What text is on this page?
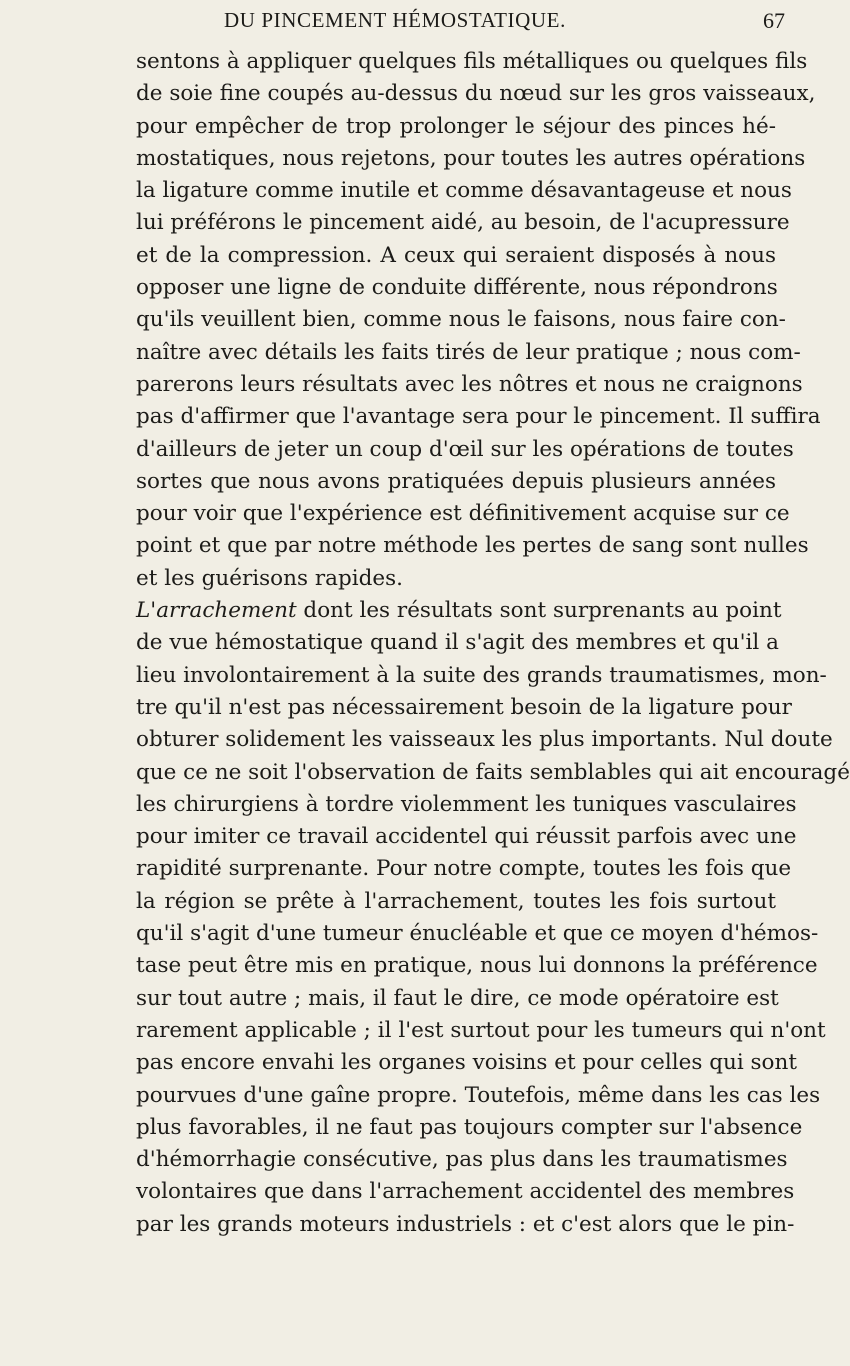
DU PINCEMENT HÉMOSTATIQUE.	67
sentons à appliquer quelques fils métalliques ou quelques fils
de soie fine coupés au-dessus du nœud sur les gros vaisseaux,
pour empêcher de trop prolonger le séjour des pinces hé-
mostatiques, nous rejetons, pour toutes les autres opérations
la ligature comme inutile et comme désavantageuse et nous
lui préférons le pincement aidé, au besoin, de l'acupressure
et de la compression. A ceux qui seraient disposés à nous
opposer une ligne de conduite différente, nous répondrons
qu'ils veuillent bien, comme nous le faisons, nous faire con-
naître avec détails les faits tirés de leur pratique ; nous com-
parerons leurs résultats avec les nôtres et nous ne craignons
pas d'affirmer que l'avantage sera pour le pincement. Il suffira
d'ailleurs de jeter un coup d'œil sur les opérations de toutes
sortes que nous avons pratiquées depuis plusieurs années
pour voir que l'expérience est définitivement acquise sur ce
point et que par notre méthode les pertes de sang sont nulles
et les guérisons rapides.
L'arrachement dont les résultats sont surprenants au point
de vue hémostatique quand il s'agit des membres et qu'il a
lieu involontairement à la suite des grands traumatismes, mon-
tre qu'il n'est pas nécessairement besoin de la ligature pour
obturer solidement les vaisseaux les plus importants. Nul doute
que ce ne soit l'observation de faits semblables qui ait encouragé
les chirurgiens à tordre violemment les tuniques vasculaires
pour imiter ce travail accidentel qui réussit parfois avec une
rapidité surprenante. Pour notre compte, toutes les fois que
la région se prête à l'arrachement, toutes les fois surtout
qu'il s'agit d'une tumeur énucléable et que ce moyen d'hémos-
tase peut être mis en pratique, nous lui donnons la préférence
sur tout autre ; mais, il faut le dire, ce mode opératoire est
rarement applicable ; il l'est surtout pour les tumeurs qui n'ont
pas encore envahi les organes voisins et pour celles qui sont
pourvues d'une gaîne propre. Toutefois, même dans les cas les
plus favorables, il ne faut pas toujours compter sur l'absence
d'hémorrhagie consécutive, pas plus dans les traumatismes
volontaires que dans l'arrachement accidentel des membres
par les grands moteurs industriels : et c'est alors que le pin-
